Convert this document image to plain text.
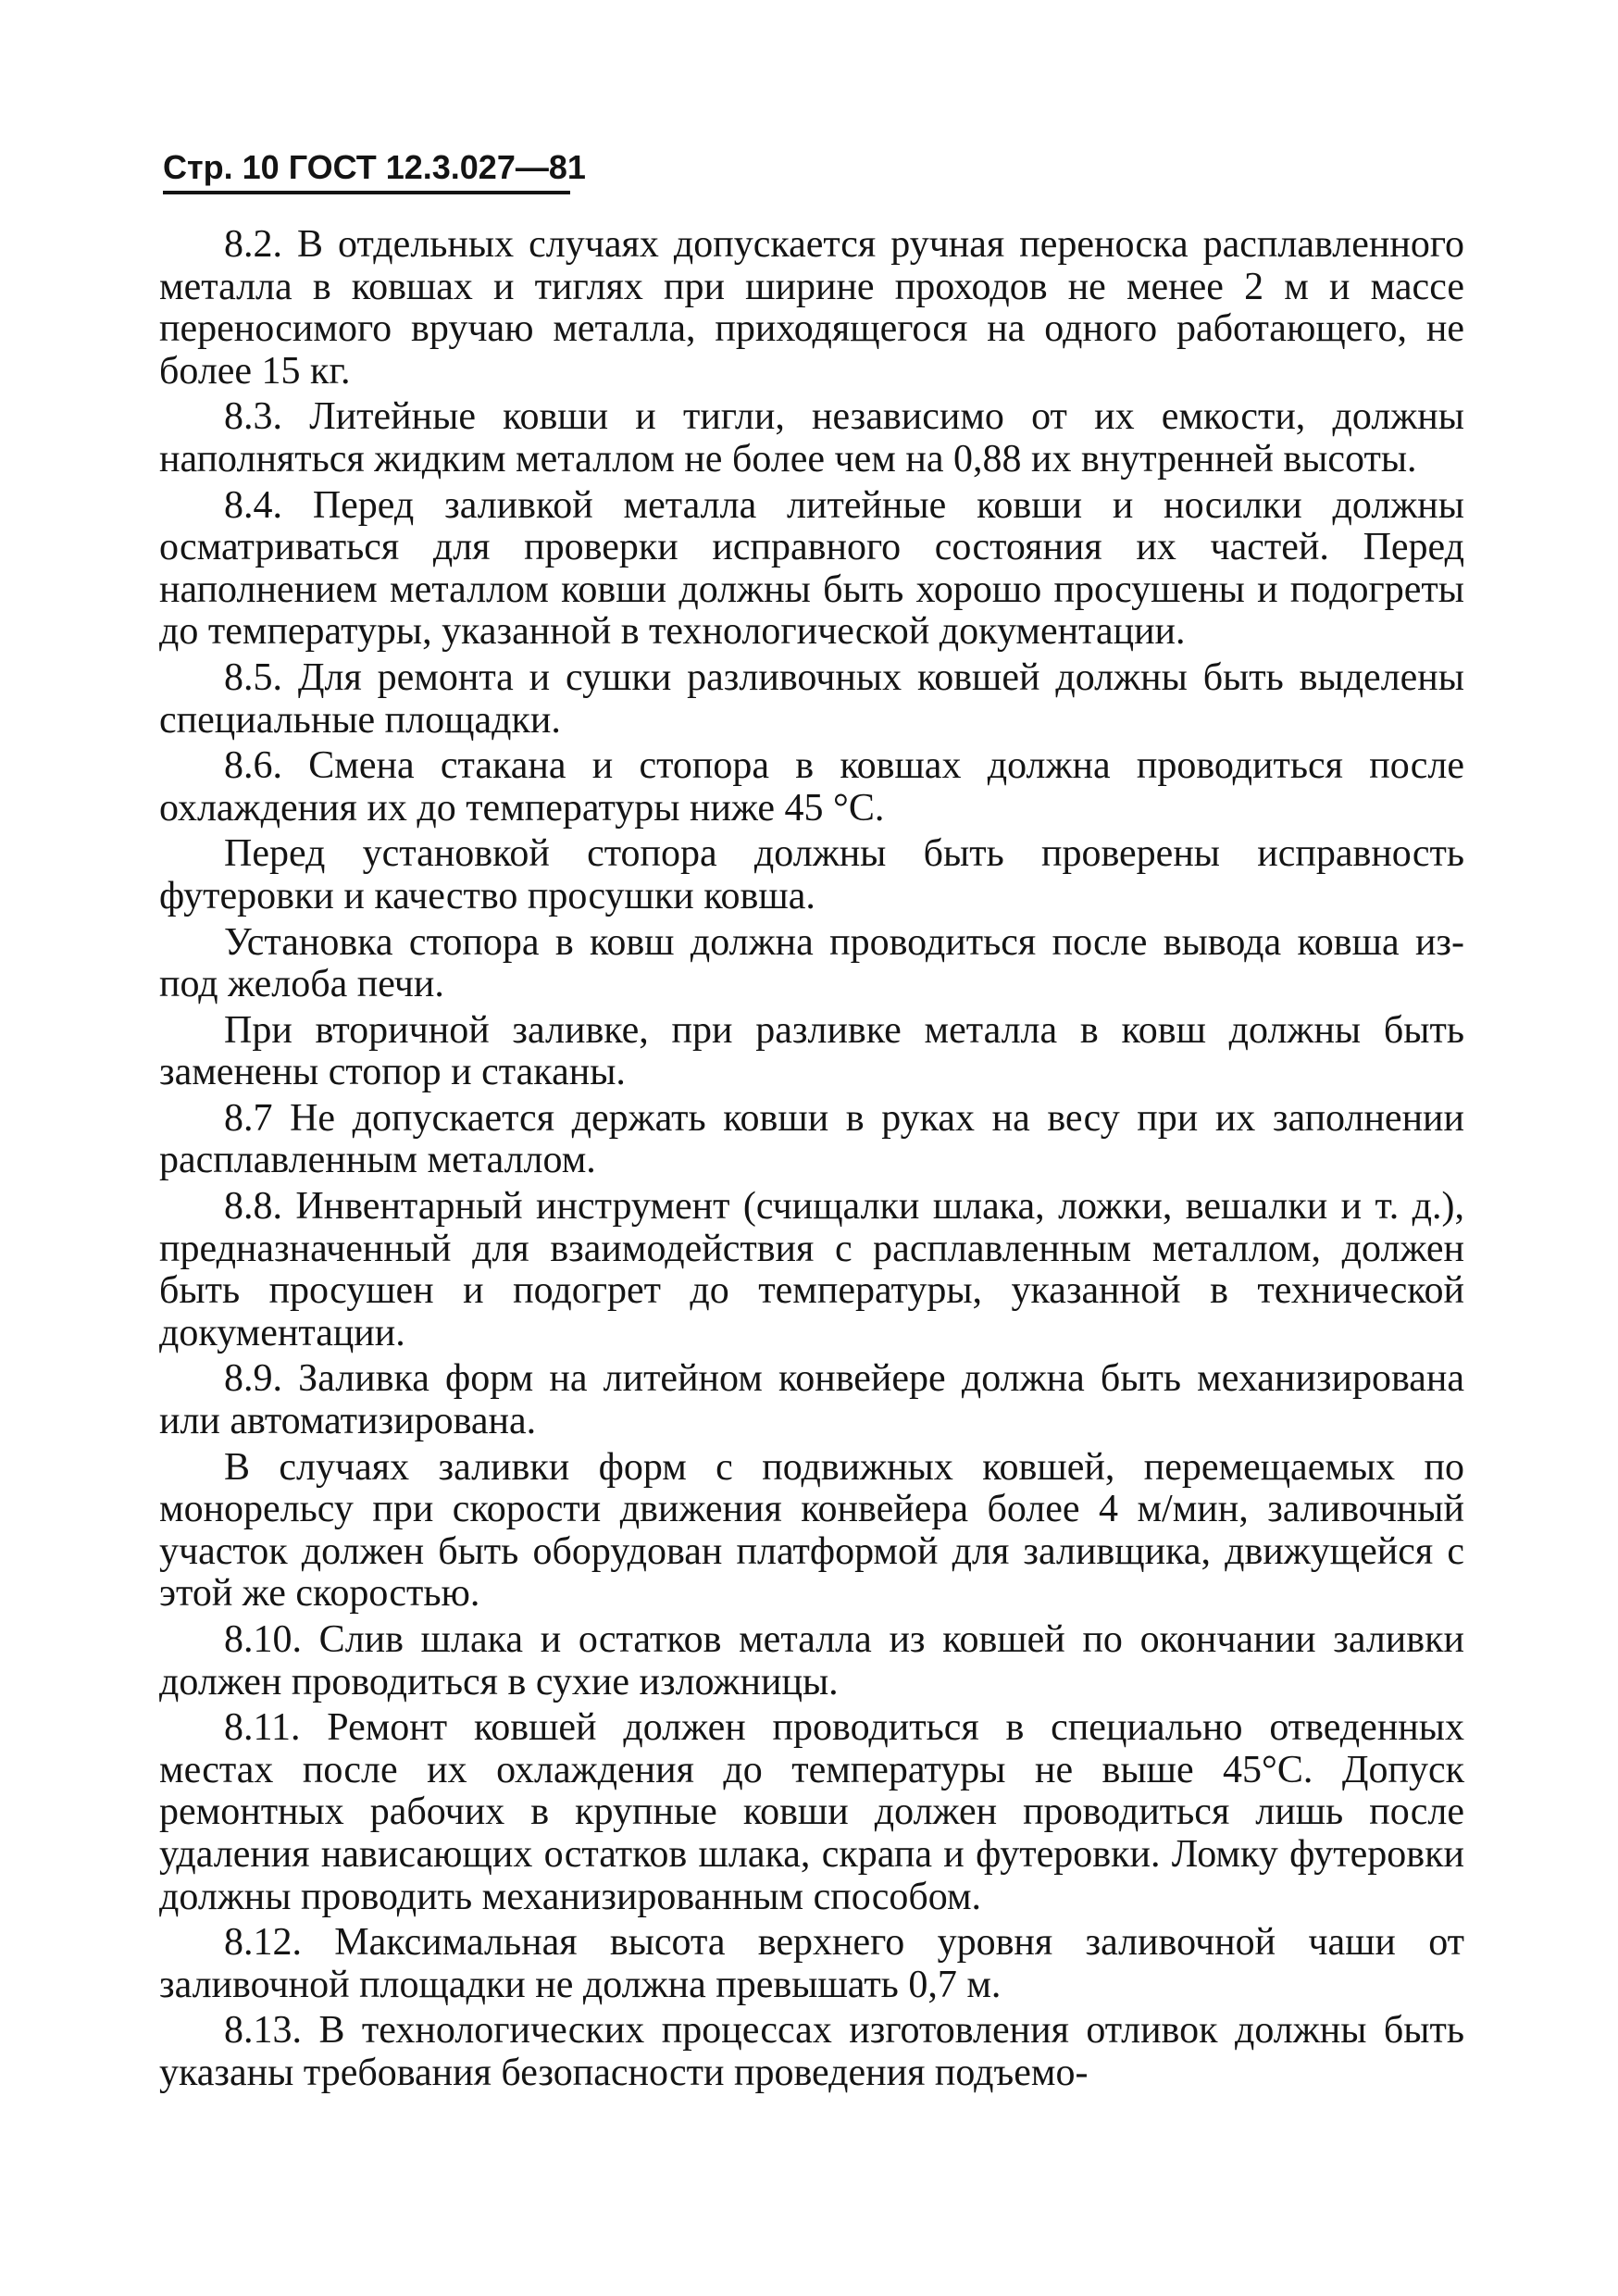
Стр. 10 ГОСТ 12.3.027—81

8.2. В отдельных случаях допускается ручная переноска расплавленного металла в ковшах и тиглях при ширине проходов не менее 2 м и массе переносимого вручаю металла, приходящегося на одного работающего, не более 15 кг.

8.3. Литейные ковши и тигли, независимо от их емкости, должны наполняться жидким металлом не более чем на 0,88 их внутренней высоты.

8.4. Перед заливкой металла литейные ковши и носилки должны осматриваться для проверки исправного состояния их частей. Перед наполнением металлом ковши должны быть хорошо просушены и подогреты до температуры, указанной в технологической документации.

8.5. Для ремонта и сушки разливочных ковшей должны быть выделены специальные площадки.

8.6. Смена стакана и стопора в ковшах должна проводиться после охлаждения их до температуры ниже 45 °С.

Перед установкой стопора должны быть проверены исправность футеровки и качество просушки ковша.

Установка стопора в ковш должна проводиться после вывода ковша из-под желоба печи.

При вторичной заливке, при разливке металла в ковш должны быть заменены стопор и стаканы.

8.7 Не допускается держать ковши в руках на весу при их заполнении расплавленным металлом.

8.8. Инвентарный инструмент (счищалки шлака, ложки, вешалки и т. д.), предназначенный для взаимодействия с расплавленным металлом, должен быть просушен и подогрет до температуры, указанной в технической документации.

8.9. Заливка форм на литейном конвейере должна быть механизирована или автоматизирована.

В случаях заливки форм с подвижных ковшей, перемещаемых по монорельсу при скорости движения конвейера более 4 м/мин, заливочный участок должен быть оборудован платформой для заливщика, движущейся с этой же скоростью.

8.10. Слив шлака и остатков металла из ковшей по окончании заливки должен проводиться в сухие изложницы.

8.11. Ремонт ковшей должен проводиться в специально отведенных местах после их охлаждения до температуры не выше 45°С. Допуск ремонтных рабочих в крупные ковши должен проводиться лишь после удаления нависающих остатков шлака, скрапа и футеровки. Ломку футеровки должны проводить механизированным способом.

8.12. Максимальная высота верхнего уровня заливочной чаши от заливочной площадки не должна превышать 0,7 м.

8.13. В технологических процессах изготовления отливок должны быть указаны требования безопасности проведения подъемо-
